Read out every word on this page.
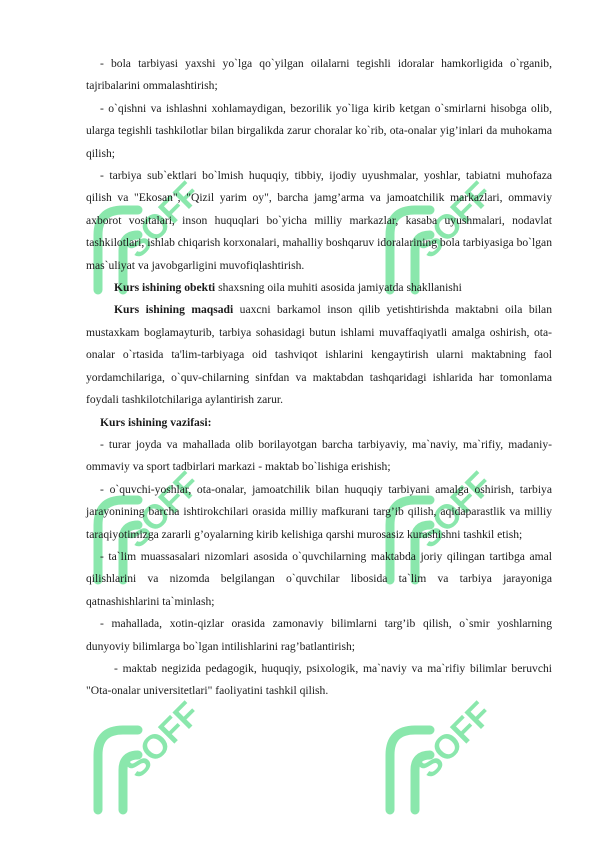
SOFF	SOFF
SOFF	SOFF
SOFF	SOFF

- bola tarbiyasi yaxshi yo`lga qo`yilgan oilalarni tegishli idoralar hamkorligida o`rganib, tajribalarini ommalashtirish;

- o`qishni va ishlashni xohlamaydigan, bezorilik yo`liga kirib ketgan o`smirlarni hisobga olib, ularga tegishli tashkilotlar bilan birgalikda zarur choralar ko`rib, ota-onalar yig’inlari da muhokama qilish;

- tarbiya sub`ektlari bo`lmish huquqiy, tibbiy, ijodiy uyushmalar, yoshlar, tabiatni muhofaza qilish va "Ekosan", "Qizil yarim oy", barcha jamg’arma va jamoatchilik markazlari, ommaviy axborot vositalari, inson huquqlari bo`yicha milliy markazlar, kasaba uyushmalari, nodavlat tashkilotlari, ishlab chiqarish korxonalari, mahalliy boshqaruv idoralarining bola tarbiyasiga bo`lgan mas`uliyat va javobgarligini muvofiqlashtirish.

Kurs ishining obekti shaxsning oila muhiti asosida jamiyatda shakllanishi

Kurs ishining maqsadi uaxcni barkamol inson qilib yetishtirishda maktabni oila bilan mustaxkam boglamayturib, tarbiya sohasidagi butun ishlami muvaffaqiyatli amalga oshirish, ota-onalar o`rtasida ta'lim-tarbiyaga oid tashviqot ishlarini kengaytirish ularni maktabning faol yordamchilariga, o`quv-chilarning sinfdan va maktabdan tashqaridagi ishlarida har tomonlama foydali tashkilotchilariga aylantirish zarur.

Kurs ishining vazifasi:

- turar joyda va mahallada olib borilayotgan barcha tarbiyaviy, ma`naviy, ma`rifiy, madaniy-ommaviy va sport tadbirlari markazi - maktab bo`lishiga erishish;

- o`quvchi-yoshlar, ota-onalar, jamoatchilik bilan huquqiy tarbiyani amalga oshirish, tarbiya jarayonining barcha ishtirokchilari orasida milliy mafkurani targ’ib qilish, aqidaparastlik va milliy taraqiyotimizga zararli g’oyalarning kirib kelishiga qarshi murosasiz kurashishni tashkil etish;

- ta`lim muassasalari nizomlari asosida o`quvchilarning maktabda joriy qilingan tartibga amal qilishlarini va nizomda belgilangan o`quvchilar libosida ta`lim va tarbiya jarayoniga qatnashishlarini ta`minlash;

- mahallada, xotin-qizlar orasida zamonaviy bilimlarni targ’ib qilish, o`smir yoshlarning dunyoviy bilimlarga bo`lgan intilishlarini rag’batlantirish;

- maktab negizida pedagogik, huquqiy, psixologik, ma`naviy va ma`rifiy bilimlar beruvchi "Ota-onalar universitetlari" faoliyatini tashkil qilish.
